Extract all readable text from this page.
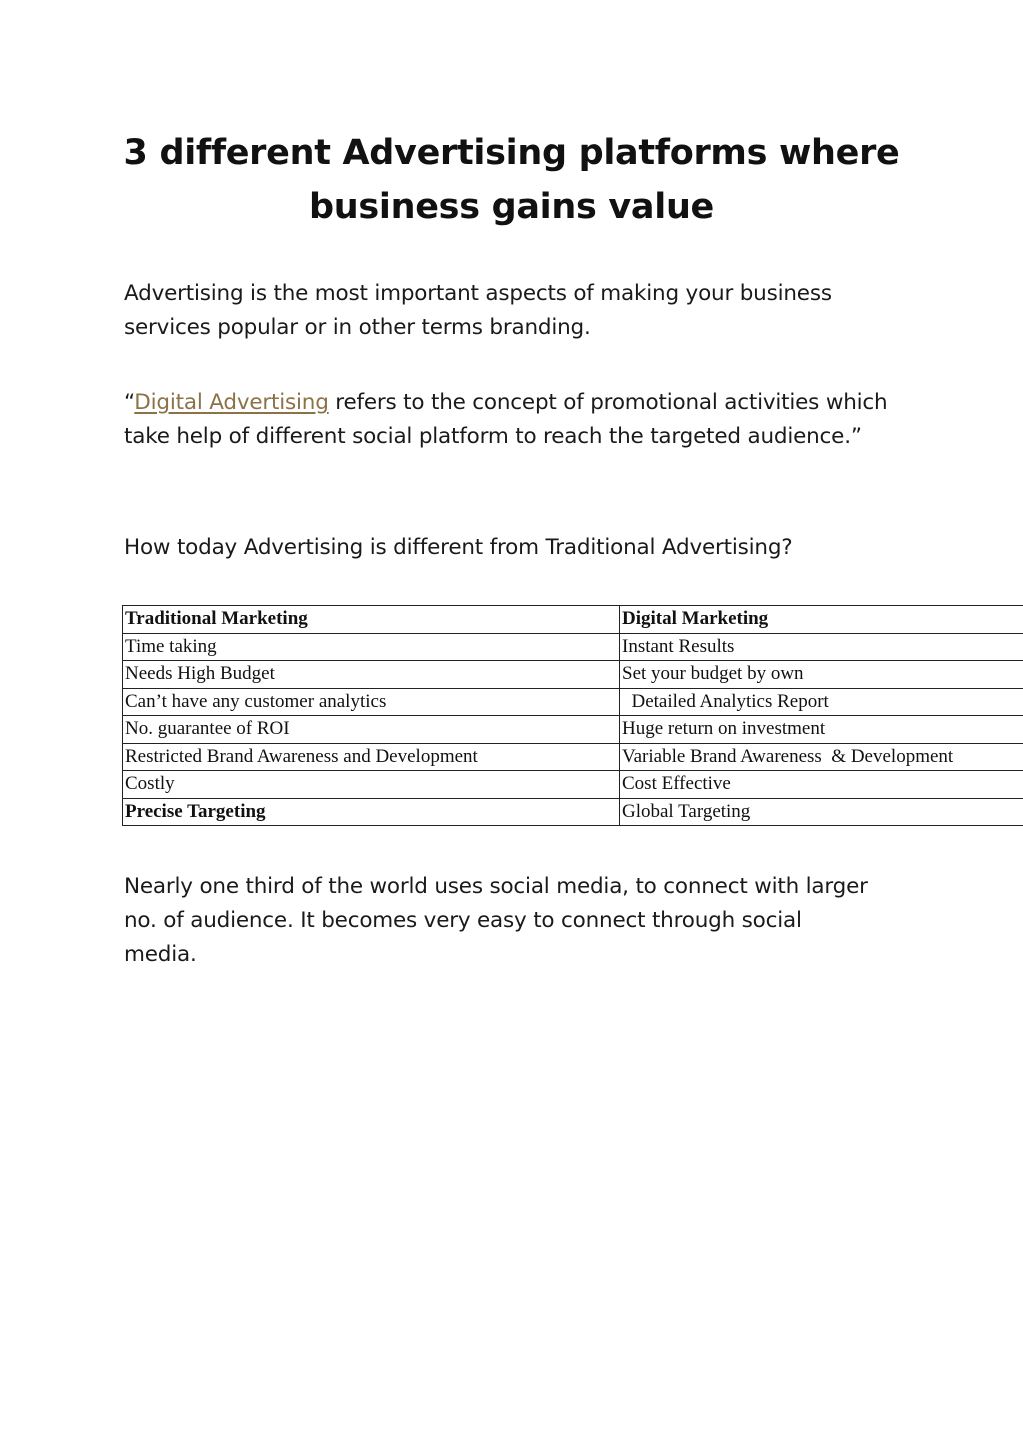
3 different Advertising platforms where business gains value

Advertising is the most important aspects of making your business services popular or in other terms branding.

“Digital Advertising refers to the concept of promotional activities which take help of different social platform to reach the targeted audience.”

How today Advertising is different from Traditional Advertising?

Traditional Marketing	Digital Marketing
Time taking	Instant Results
Needs High Budget	Set your budget by own
Can’t have any customer analytics	Detailed Analytics Report
No. guarantee of ROI	Huge return on investment
Restricted Brand Awareness and Development	Variable Brand Awareness  & Development
Costly	Cost Effective
Precise Targeting	Global Targeting

Nearly one third of the world uses social media, to connect with larger no. of audience. It becomes very easy to connect through social media.
